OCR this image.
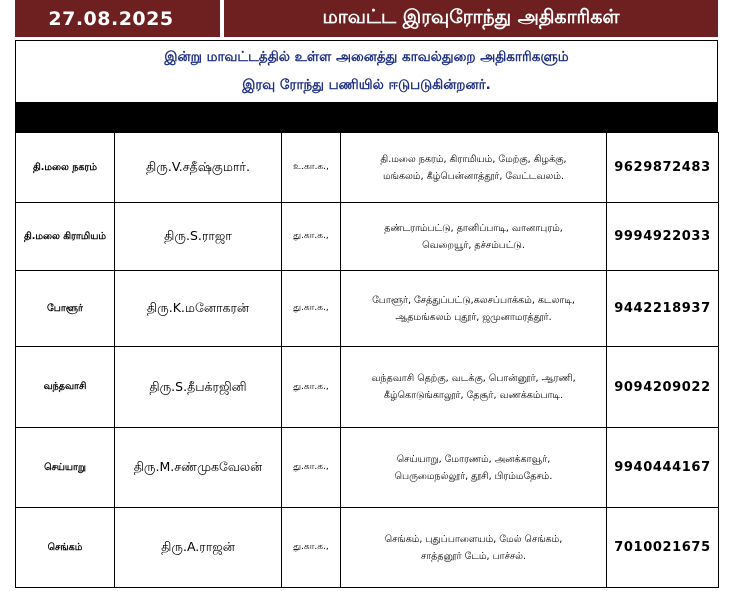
27.08.2025	மாவட்ட இரவுரோந்து அதிகாரிகள்
இன்று மாவட்டத்தில் உள்ள அனைத்து காவல்துறை அதிகாரிகளும்
இரவு ரோந்து பணியில் ஈடுபடுகின்றனர்.
தி.மலை நகரம்	திரு.V.சதீஷ்குமார்.	உ.கா.க.,	தி.மலை நகரம், கிராமியம், மேற்கு, கிழக்கு,
மங்கலம், கீழ்பென்னாத்தூர், வேட்டவலம்.	9629872483
தி.மலை கிராமியம்	திரு.S.ராஜா	து.கா.க.,	தண்டராம்பட்டு, தானிப்பாடி, வானாபுரம்,
வெறையூர், தச்சம்பட்டு.	9994922033
போளூர்	திரு.K.மனோகரன்	து.கா.க.,	போளூர், சேத்துப்பட்டு,கலசப்பாக்கம், கடலாடி,
ஆதமங்கலம் புதூர், ஜமுனாமரத்தூர்.	9442218937
வந்தவாசி	திரு.S.தீபக்ரஜினி	து.கா.க.,	வந்தவாசி தெற்கு, வடக்கு, பொன்னூர், ஆரணி,
கீழ்கொடுங்காலூர், தேசூர், வணக்கம்பாடி.	9094209022
செய்யாறு	திரு.M.சண்முகவேலன்	து.கா.க.,	செய்யாறு, மோரணம், அனக்காவூர்,
பெருமைநல்லூர், தூசி, பிரம்மதேசம்.	9940444167
செங்கம்	திரு.A.ராஜன்	து.கா.க.,	செங்கம், புதுப்பாளையம், மேல் செங்கம்,
சாத்தனூர் டேம், பாச்சல்.	7010021675
